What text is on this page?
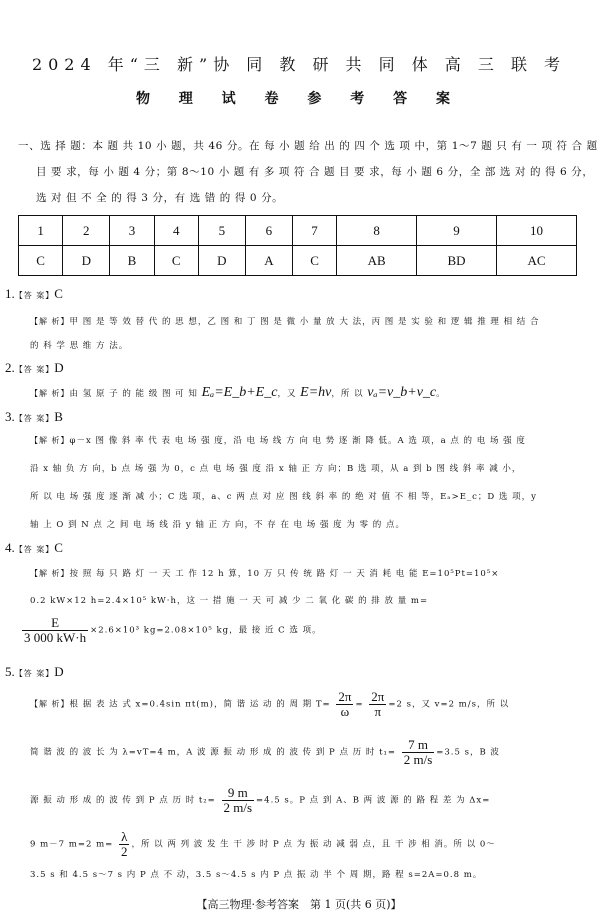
2024 年“三 新”协 同 教 研 共 同 体 高 三 联 考
物 理 试 卷 参 考 答 案
一、选 择 题：本 题 共 10 小 题，共 46 分。在 每 小 题 给 出 的 四 个 选 项 中，第 1～7 题 只 有 一 项 符 合 题
目 要 求，每 小 题 4 分；第 8～10 小 题 有 多 项 符 合 题 目 要 求，每 小 题 6 分，全 部 选 对 的 得 6 分，
选 对 但 不 全 的 得 3 分，有 选 错 的 得 0 分。
1	2	3	4	5	6	7	8	9	10
C	D	B	C	D	A	C	AB	BD	AC
1.【答 案】C
【解 析】甲 图 是 等 效 替 代 的 思 想，乙 图 和 丁 图 是 微 小 量 放 大 法，丙 图 是 实 验 和 逻 辑 推 理 相 结 合
的 科 学 思 维 方 法。
2.【答 案】D
【解 析】由 氢 原 子 的 能 级 图 可 知 Eₐ=E_b+E_c，又 E=hν，所 以 νₐ=ν_b+ν_c。
3.【答 案】B
【解 析】φ－x 图 像 斜 率 代 表 电 场 强 度，沿 电 场 线 方 向 电 势 逐 渐 降 低。A 选 项，a 点 的 电 场 强 度
沿 x 轴 负 方 向，b 点 场 强 为 0，c 点 电 场 强 度 沿 x 轴 正 方 向；B 选 项，从 a 到 b 图 线 斜 率 减 小，
所 以 电 场 强 度 逐 渐 减 小；C 选 项，a、c 两 点 对 应 图 线 斜 率 的 绝 对 值 不 相 等，Eₐ>E_c；D 选 项，y
轴 上 O 到 N 点 之 间 电 场 线 沿 y 轴 正 方 向，不 存 在 电 场 强 度 为 零 的 点。
4.【答 案】C
【解 析】按 照 每 只 路 灯 一 天 工 作 12 h 算，10 万 只 传 统 路 灯 一 天 消 耗 电 能 E=10⁵Pt=10⁵×
0.2 kW×12 h=2.4×10⁵ kW·h，这 一 措 施 一 天 可 减 少 二 氧 化 碳 的 排 放 量 m=
$\frac{E}{3 000 kW\cdot h} \times 2.6\times 10^3$ kg=2.08×10⁵ kg，最 接 近 C 选 项。
5.【答 案】D
【解 析】根 据 表 达 式 x=0.4sin πt(m)，简 谐 运 动 的 周 期 $T= \frac{2\pi}{\omega} = \frac{2\pi}{\pi} =2$ s，又 v=2 m/s，所 以
简 谐 波 的 波 长 为 λ=vT=4 m，A 波 源 振 动 形 成 的 波 传 到 P 点 历 时 $t_1= \frac{7 m}{2 m/s} =3.5$ s，B 波
源 振 动 形 成 的 波 传 到 P 点 历 时 $t_2= \frac{9 m}{2 m/s} =4.5$ s。P 点 到 A、B 两 波 源 的 路 程 差 为 Δx=
9 m－7 m=2 $m= \frac{\lambda}{2}$ ，所 以 两 列 波 发 生 干 涉 时 P 点 为 振 动 减 弱 点，且 干 涉 相 消。所 以 0～
3.5 s 和 4.5 s～7 s 内 P 点 不 动，3.5 s～4.5 s 内 P 点 振 动 半 个 周 期，路 程 s=2A=0.8 m。
【高三物理·参考答案　第 1 页(共 6 页)】
